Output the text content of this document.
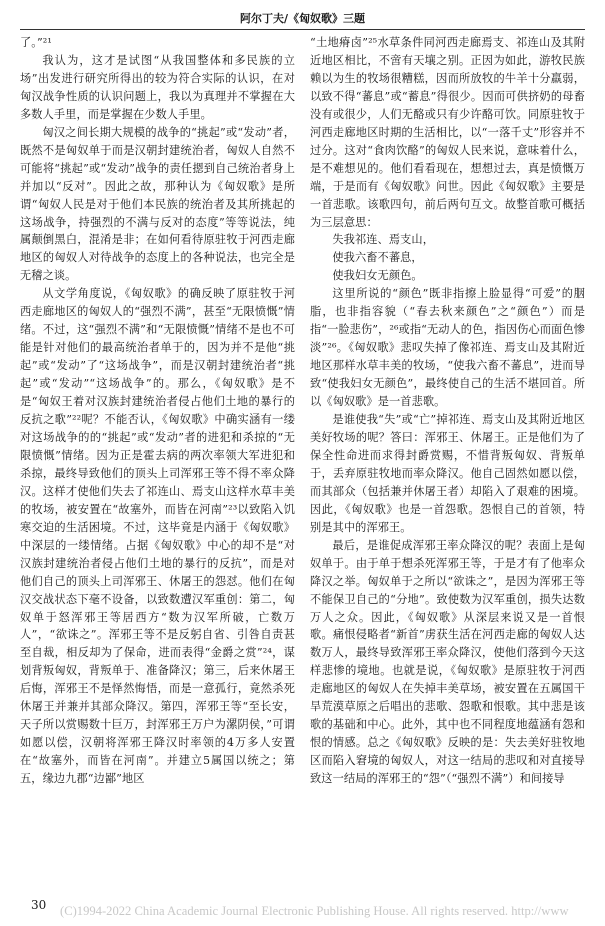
阿尔丁夫/《匈奴歌》三题

了。”²¹

我认为，这才是试图“从我国整体和多民族的立场”出发进行研究所得出的较为符合实际的认识，在对匈汉战争性质的认识问题上，我以为真理并不掌握在大多数人手里，而是掌握在少数人手里。

匈汉之间长期大规模的战争的“挑起”或“发动”者，既然不是匈奴单于而是汉朝封建统治者，匈奴人自然不可能将“挑起”或“发动”战争的责任摁到自己统治者身上并加以“反对”。因此之故，那种认为《匈奴歌》是所谓“匈奴人民是对于他们本民族的统治者及其所挑起的这场战争，持强烈的不满与反对的态度”等等说法，纯属颠倒黑白，混淆是非；在如何看待原驻牧于河西走廊地区的匈奴人对待战争的态度上的各种说法，也完全是无稽之谈。

从文学角度说，《匈奴歌》的确反映了原驻牧于河西走廊地区的匈奴人的“强烈不满”，甚至“无限愤慨”情绪。不过，这“强烈不满”和“无限愤慨”情绪不是也不可能是针对他们的最高统治者单于的，因为并不是他“挑起”或“发动”了“这场战争”，而是汉朝封建统治者“挑起”或“发动”“这场战争”的。那么，《匈奴歌》是不是“匈奴王着对汉族封建统治者侵占他们土地的暴行的反抗之歌”²²呢？不能否认，《匈奴歌》中确实涵有一缕对这场战争的的“挑起”或“发动”者的进犯和杀掠的“无限愤慨”情绪。因为正是霍去病的两次率领大军进犯和杀掠，最终导致他们的顶头上司浑邪王等不得不率众降汉。这样才使他们失去了祁连山、焉支山这样水草丰美的牧场，被安置在“故塞外，而皆在河南”²³以致陷入饥寒交迫的生活困境。不过，这毕竟是内涵于《匈奴歌》中深层的一缕情绪。占据《匈奴歌》中心的却不是“对汉族封建统治者侵占他们土地的暴行的反抗”，而是对他们自己的顶头上司浑邪王、休屠王的怨怼。他们在匈汉交战状态下毫不设备，以致数遭汉军重创：第二，匈奴单于怒浑邪王等居西方“数为汉军所破，亡数万人”，“欲诛之”。浑邪王等不是反躬自省、引咎自责甚至自裁，相反却为了保命，进而表得“金爵之赏”²⁴，谋划背叛匈奴，背叛单于、准备降汉；第三，后来休屠王后悔，浑邪王不是怿然悔悟，而是一意孤行，竟然杀死休屠王并兼并其部众降汉。第四，浑邪王等“至长安，天子所以赏赐数十巨万，封浑邪王万户为漯阴侯，”可谓如愿以偿，汉朝将浑邪王降汉时率领的4万多人安置在“故塞外，而皆在河南”。并建立5属国以统之；第五，缘边九郡“边鄙”地区

“土地瘠卤”²⁵水草条件同河西走廊焉支、祁连山及其附近地区相比，不啻有天壤之别。正因为如此，游牧民族赖以为生的牧场很糟糕，因而所放牧的牛羊十分羸弱，以致不得“蕃息”或“蓄息”得很少。因而可供挤奶的母畜没有或很少，人们无酪或只有少许酪可饮。同原驻牧于河西走廊地区时期的生活相比，以“一落千丈”形容并不过分。这对“食肉饮酪”的匈奴人民来说，意味着什么，是不难想见的。他们看看现在，想想过去，真是愤慨万端，于是而有《匈奴歌》问世。因此《匈奴歌》主要是一首悲歌。该歌四句，前后两句互文。故整首歌可概括为三层意思：

失我祁连、焉支山，

使我六畜不蕃息，

使我妇女无颜色。

这里所说的“颜色”既非指擦上脸显得“可爱”的胭脂，也非指容貌（“春去秋来颜色”之“颜色”）而是指“一脸悲伤”，²⁶或指“无动人的色，指因伤心而面色惨淡”²⁶。《匈奴歌》悲叹失掉了像祁连、焉支山及其附近地区那样水草丰美的牧场，“使我六畜不蕃息”，进而导致“使我妇女无颜色”，最终使自己的生活不堪回首。所以《匈奴歌》是一首悲歌。

是谁使我“失”或“亡”掉祁连、焉支山及其附近地区美好牧场的呢？答曰：浑邪王、休屠王。正是他们为了保全性命进而求得封爵赏赐，不惜背叛匈奴、背叛单于，丢弃原驻牧地而率众降汉。他自己固然如愿以偿，而其部众（包括兼并休屠王者）却陷入了艰难的困境。因此，《匈奴歌》也是一首怨歌。怨恨自己的首领，特别是其中的浑邪王。

最后，是谁促成浑邪王率众降汉的呢？表面上是匈奴单于。由于单于想杀死浑邪王等，于是才有了他率众降汉之举。匈奴单于之所以“欲诛之”，是因为浑邪王等不能保卫自己的“分地”。致使数为汉军重创，损失达数万人之众。因此，《匈奴歌》从深层来说又是一首恨歌。痛恨侵略者“新首”虏获生活在河西走廊的匈奴人达数万人，最终导致浑邪王率众降汉，使他们落到今天这样悲惨的境地。也就是说，《匈奴歌》是原驻牧于河西走廊地区的匈奴人在失掉丰美草场，被安置在五属国干旱荒漠草原之后唱出的悲歌、怨歌和恨歌。其中悲是该歌的基础和中心。此外，其中也不同程度地蕴涵有怨和恨的情感。总之《匈奴歌》反映的是：失去美好驻牧地区而陷入窘境的匈奴人，对这一结局的悲叹和对直接导致这一结局的浑邪王的“怨”（“强烈不满”）和间接导

30 (C)1994-2022 China Academic Journal Electronic Publishing House. All rights reserved. http://www
